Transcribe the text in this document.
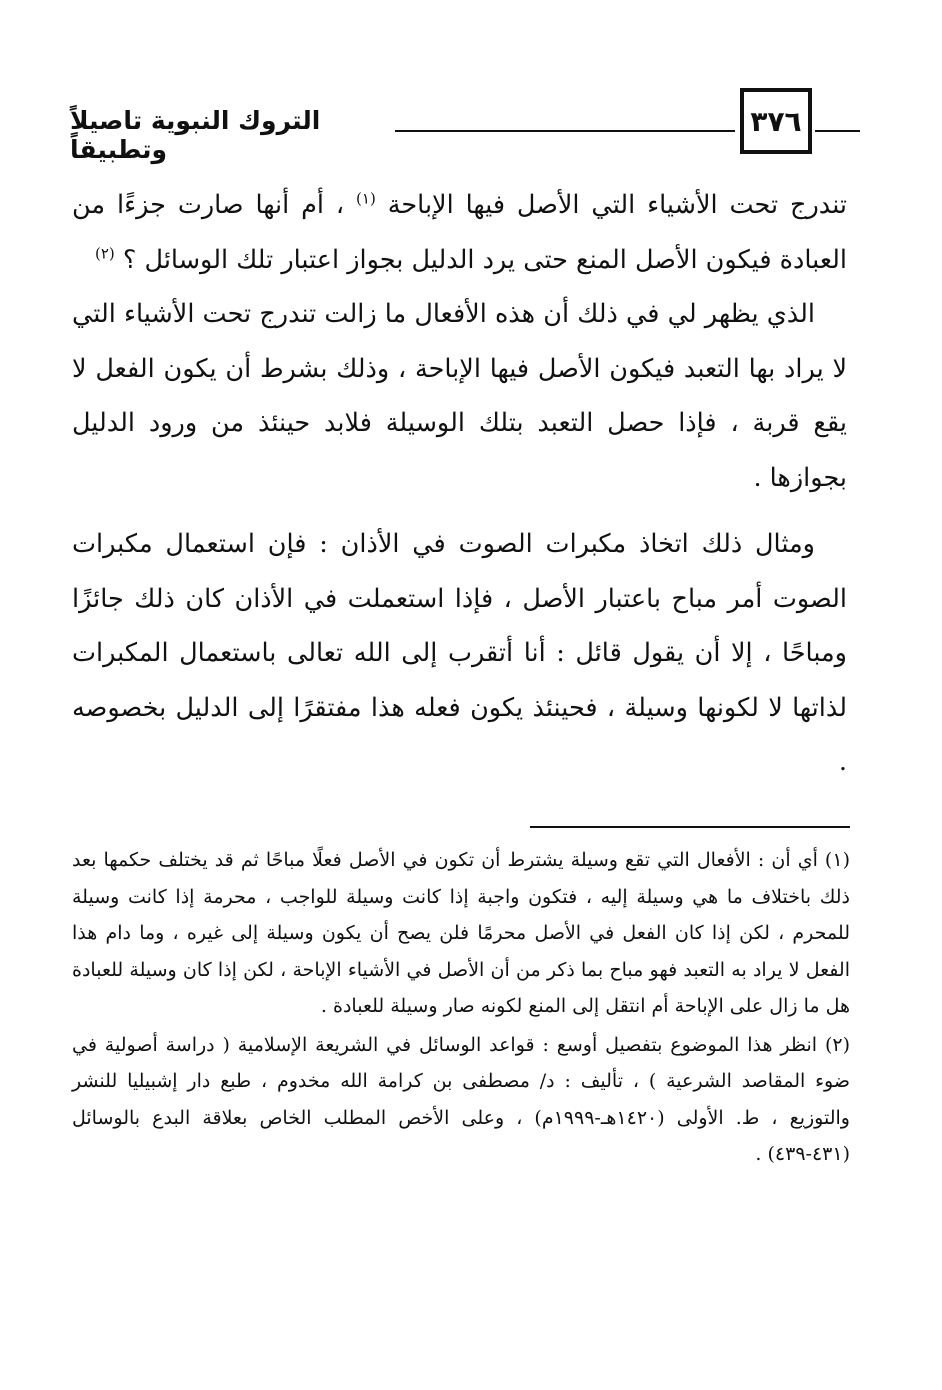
التروك النبوية تاصيلاً وتطبيقاً
٣٧٦

تندرج تحت الأشياء التي الأصل فيها الإباحة $^{(١)}$ ، أم أنها صارت جزءًا من العبادة فيكون الأصل المنع حتى يرد الدليل بجواز اعتبار تلك الوسائل ؟ $^{(٢)}$

الذي يظهر لي في ذلك أن هذه الأفعال ما زالت تندرج تحت الأشياء التي لا يراد بها التعبد فيكون الأصل فيها الإباحة ، وذلك بشرط أن يكون الفعل لا يقع قربة ، فإذا حصل التعبد بتلك الوسيلة فلابد حينئذ من ورود الدليل بجوازها .

ومثال ذلك اتخاذ مكبرات الصوت في الأذان : فإن استعمال مكبرات الصوت أمر مباح باعتبار الأصل ، فإذا استعملت في الأذان كان ذلك جائزًا ومباحًا ، إلا أن يقول قائل : أنا أتقرب إلى الله تعالى باستعمال المكبرات لذاتها لا لكونها وسيلة ، فحينئذ يكون فعله هذا مفتقرًا إلى الدليل بخصوصه .

(١) أي أن : الأفعال التي تقع وسيلة يشترط أن تكون في الأصل فعلًا مباحًا ثم قد يختلف حكمها بعد ذلك باختلاف ما هي وسيلة إليه ، فتكون واجبة إذا كانت وسيلة للواجب ، محرمة إذا كانت وسيلة للمحرم ، لكن إذا كان الفعل في الأصل محرمًا فلن يصح أن يكون وسيلة إلى غيره ، وما دام هذا الفعل لا يراد به التعبد فهو مباح بما ذكر من أن الأصل في الأشياء الإباحة ، لكن إذا كان وسيلة للعبادة هل ما زال على الإباحة أم انتقل إلى المنع لكونه صار وسيلة للعبادة .

(٢) انظر هذا الموضوع بتفصيل أوسع : قواعد الوسائل في الشريعة الإسلامية ( دراسة أصولية في ضوء المقاصد الشرعية ) ، تأليف : د/ مصطفى بن كرامة الله مخدوم ، طبع دار إشبيليا للنشر والتوزيع ، ط. الأولى (١٤٢٠هـ-١٩٩٩م) ، وعلى الأخص المطلب الخاص بعلاقة البدع بالوسائل (٤٣١-٤٣٩) .
